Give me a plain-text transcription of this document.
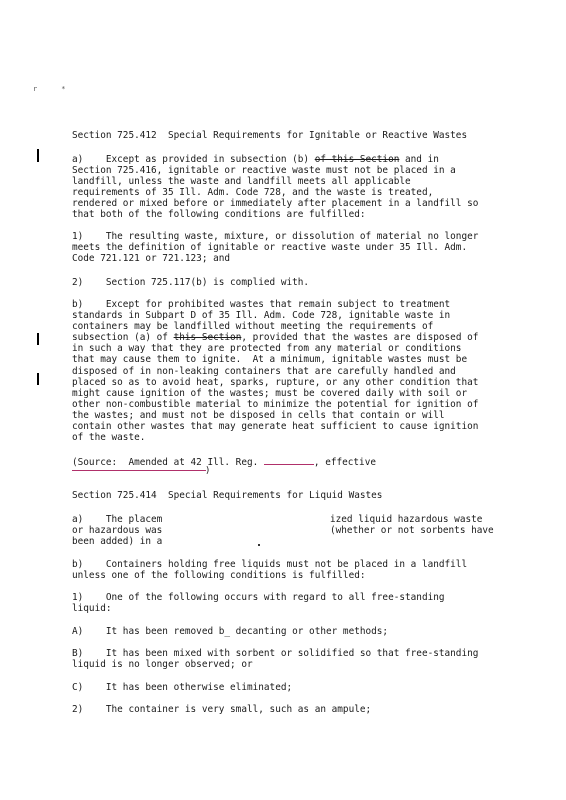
r*
Section 725.412  Special Requirements for Ignitable or Reactive Wastes
a)    Except as provided in subsection (b) of this Section and in
Section 725.416, ignitable or reactive waste must not be placed in a
landfill, unless the waste and landfill meets all applicable
requirements of 35 Ill. Adm. Code 728, and the waste is treated,
rendered or mixed before or immediately after placement in a landfill so
that both of the following conditions are fulfilled:
1)    The resulting waste, mixture, or dissolution of material no longer
meets the definition of ignitable or reactive waste under 35 Ill. Adm.
Code 721.121 or 721.123; and
2)    Section 725.117(b) is complied with.
b)    Except for prohibited wastes that remain subject to treatment
standards in Subpart D of 35 Ill. Adm. Code 728, ignitable waste in
containers may be landfilled without meeting the requirements of
subsection (a) of this Section, provided that the wastes are disposed of
in such a way that they are protected from any material or conditions
that may cause them to ignite.  At a minimum, ignitable wastes must be
disposed of in non-leaking containers that are carefully handled and
placed so as to avoid heat, sparks, rupture, or any other condition that
might cause ignition of the wastes; must be covered daily with soil or
other non-combustible material to minimize the potential for ignition of
the wastes; and must not be disposed in cells that contain or will
contain other wastes that may generate heat sufficient to cause ignition
of the waste.
(Source:  Amended at 42 Ill. Reg.	, effective
)
Section 725.414  Special Requirements for Liquid Wastes
a)    The placem
or hazardous was
been added) in a
ized liquid hazardous waste
(whether or not sorbents have
b)    Containers holding free liquids must not be placed in a landfill
unless one of the following conditions is fulfilled:
1)    One of the following occurs with regard to all free-standing
liquid:
A)    It has been removed b_ decanting or other methods;
B)    It has been mixed with sorbent or solidified so that free-standing
liquid is no longer observed; or
C)    It has been otherwise eliminated;
2)    The container is very small, such as an ampule;
